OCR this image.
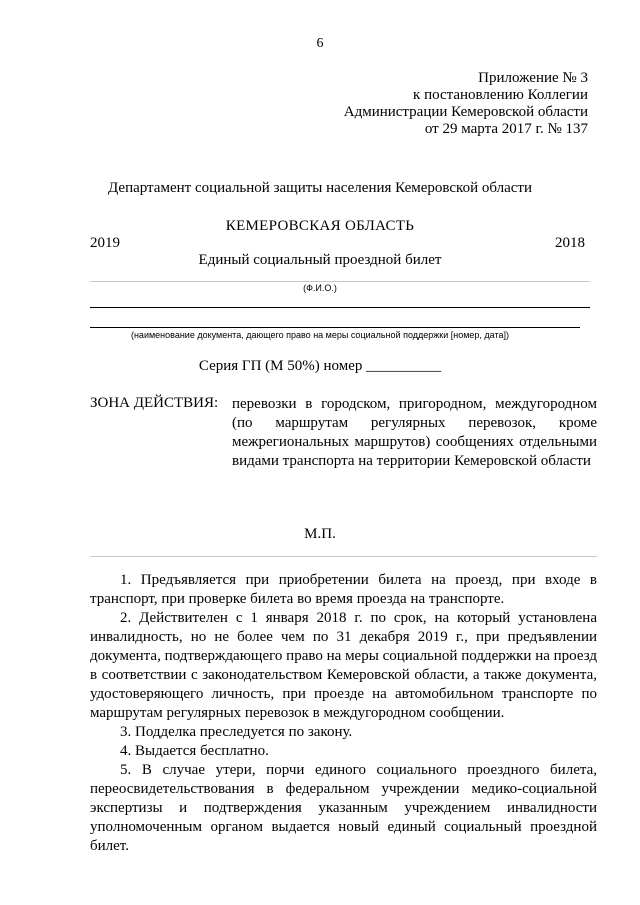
6
Приложение № 3
к постановлению Коллегии
Администрации Кемеровской области
от 29 марта 2017 г. № 137
Департамент социальной защиты населения Кемеровской области
КЕМЕРОВСКАЯ ОБЛАСТЬ
2019	2018
Единый социальный проездной билет
(Ф.И.О.)
(наименование документа, дающего право на меры социальной поддержки [номер, дата])
Серия ГП (М 50%) номер __________
ЗОНА ДЕЙСТВИЯ: перевозки в городском, пригородном, междугородном (по маршрутам регулярных перевозок, кроме межрегиональных маршрутов) сообщениях отдельными видами транспорта на территории Кемеровской области
М.П.

1. Предъявляется при приобретении билета на проезд, при входе в транспорт, при проверке билета во время проезда на транспорте.

2. Действителен с 1 января 2018 г. по срок, на который установлена инвалидность, но не более чем по 31 декабря 2019 г., при предъявлении документа, подтверждающего право на меры социальной поддержки на проезд в соответствии с законодательством Кемеровской области, а также документа, удостоверяющего личность, при проезде на автомобильном транспорте по маршрутам регулярных перевозок в междугородном сообщении.

3. Подделка преследуется по закону.

4. Выдается бесплатно.

5. В случае утери, порчи единого социального проездного билета, переосвидетельствования в федеральном учреждении медико-социальной экспертизы и подтверждения указанным учреждением инвалидности уполномоченным органом выдается новый единый социальный проездной билет.
